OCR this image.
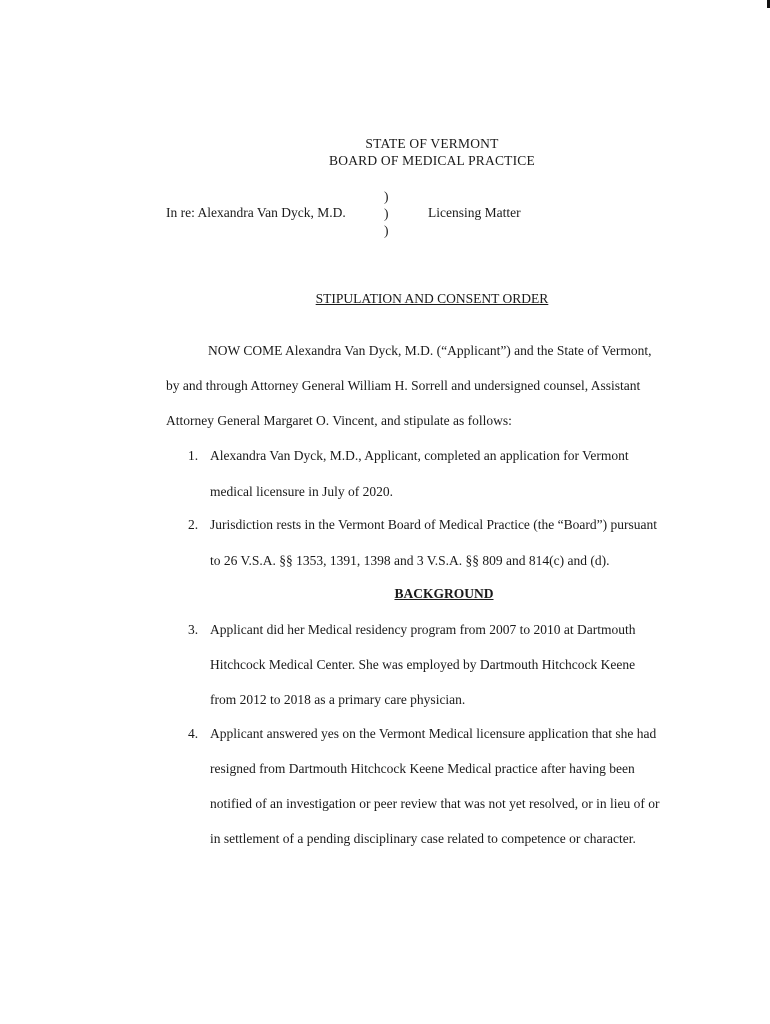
STATE OF VERMONT
BOARD OF MEDICAL PRACTICE
In re: Alexandra Van Dyck, M.D.
)
)
)
Licensing Matter
STIPULATION AND CONSENT ORDER
NOW COME Alexandra Van Dyck, M.D. (“Applicant”) and the State of Vermont,
by and through Attorney General William H. Sorrell and undersigned counsel, Assistant
Attorney General Margaret O. Vincent, and stipulate as follows:
1. Alexandra Van Dyck, M.D., Applicant, completed an application for Vermont
medical licensure in July of 2020.
2. Jurisdiction rests in the Vermont Board of Medical Practice (the “Board”) pursuant
to 26 V.S.A. §§ 1353, 1391, 1398 and 3 V.S.A. §§ 809 and 814(c) and (d).
BACKGROUND
3. Applicant did her Medical residency program from 2007 to 2010 at Dartmouth
Hitchcock Medical Center. She was employed by Dartmouth Hitchcock Keene
from 2012 to 2018 as a primary care physician.
4. Applicant answered yes on the Vermont Medical licensure application that she had
resigned from Dartmouth Hitchcock Keene Medical practice after having been
notified of an investigation or peer review that was not yet resolved, or in lieu of or
in settlement of a pending disciplinary case related to competence or character.
